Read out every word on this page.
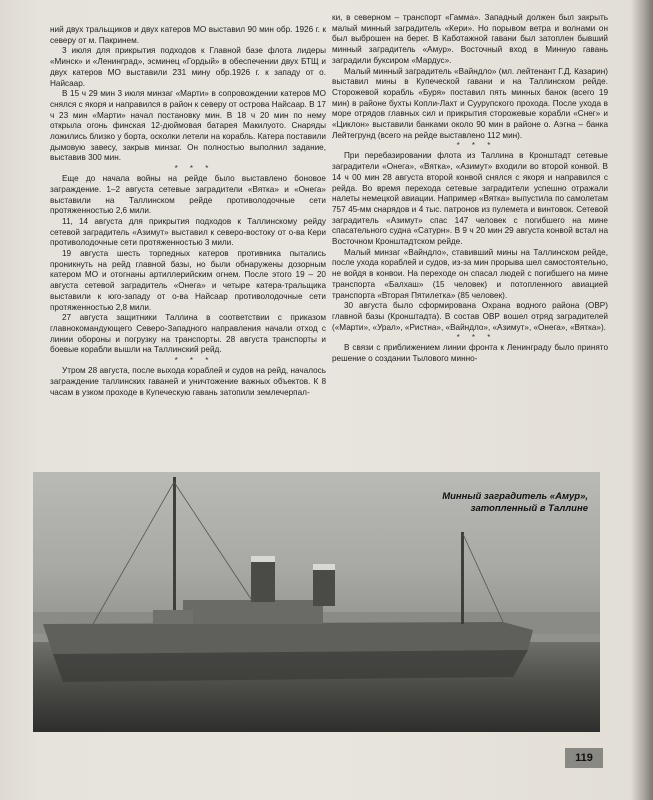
ний двух тральщиков и двух катеров МО выставил 90 мин обр. 1926 г. к северу от м. Пакринем.

3 июля для прикрытия подходов к Главной базе флота лидеры «Минск» и «Ленинград», эсминец «Гордый» в обеспечении двух БТЩ и двух катеров МО выставили 231 мину обр.1926 г. к западу от о. Найсаар.

В 15 ч 29 мин 3 июля минзаг «Марти» в сопровождении катеров МО снялся с якоря и направился в район к северу от острова Найсаар. В 17 ч 23 мин «Марти» начал постановку мин. В 18 ч 20 мин по нему открыла огонь финская 12-дюймовая батарея Макилуото. Снаряды ложились близко у борта, осколки летели на корабль. Катера поставили дымовую завесу, закрыв минзаг. Он полностью выполнил задание, выставив 300 мин.

* * *

Еще до начала войны на рейде было выставлено боновое заграждение. 1–2 августа сетевые заградители «Вятка» и «Онега» выставили на Таллинском рейде противолодочные сети протяженностью 2,6 мили.

11, 14 августа для прикрытия подходов к Таллинскому рейду сетевой заградитель «Азимут» выставил к северо-востоку от о-ва Кери противолодочные сети протяженностью 3 мили.

19 августа шесть торпедных катеров противника пытались проникнуть на рейд главной базы, но были обнаружены дозорным катером МО и отогнаны артиллерийским огнем. После этого 19 – 20 августа сетевой заградитель «Онега» и четыре катера-тральщика выставили к юго-западу от о-ва Найсаар противолодочные сети протяженностью 2,8 мили.

27 августа защитники Таллина в соответствии с приказом главнокомандующего Северо-Западного направления начали отход с линии обороны и погрузку на транспорты. 28 августа транспорты и боевые корабли вышли на Таллинский рейд.

* * *

Утром 28 августа, после выхода кораблей и судов на рейд, началось заграждение таллинских гаваней и уничтожение важных объектов. К 8 часам в узком проходе в Купеческую гавань затопили землечерпал-

ки, в северном – транспорт «Гамма». Западный должен был закрыть малый минный заградитель «Кери». Но порывом ветра и волнами он был выброшен на берег. В Каботажной гавани был затоплен бывший минный заградитель «Амур». Восточный вход в Минную гавань заградили буксиром «Мардус».

Малый минный заградитель «Вайндло» (мл. лейтенант Г.Д. Казарин) выставил мины в Купеческой гавани и на Таллинском рейде. Сторожевой корабль «Буря» поставил пять минных банок (всего 19 мин) в районе бухты Копли-Лахт и Суурупского прохода. После ухода в море отрядов главных сил и прикрытия сторожевые корабли «Снег» и «Циклон» выставили банками около 90 мин в районе о. Аэгна – банка Лейтегрунд (всего на рейде выставлено 112 мин).

* * *

При перебазировании флота из Таллина в Кронштадт сетевые заградители «Онега», «Вятка», «Азимут» входили во второй конвой. В 14 ч 00 мин 28 августа второй конвой снялся с якоря и направился с рейда. Во время перехода сетевые заградители успешно отражали налеты немецкой авиации. Например «Вятка» выпустила по самолетам 757 45-мм снарядов и 4 тыс. патронов из пулемета и винтовок. Сетевой заградитель «Азимут» спас 147 человек с погибшего на мине спасательного судна «Сатурн». В 9 ч 20 мин 29 августа конвой встал на Восточном Кронштадтском рейде.

Малый минзаг «Вайндло», ставивший мины на Таллинском рейде, после ухода кораблей и судов, из-за мин прорыва шел самостоятельно, не войдя в конвои. На переходе он спасал людей с погибшего на мине транспорта «Балхаш» (15 человек) и потопленного авиацией транспорта «Вторая Пятилетка» (85 человек).

30 августа было сформирована Охрана водного района (ОВР) главной базы (Кронштадта). В состав ОВР вошел отряд заградителей («Марти», «Урал», «Ристна», «Вайндло», «Азимут», «Онега», «Вятка»).

* * *

В связи с приближением линии фронта к Ленинграду было принято решение о создании Тылового минно-

Минный заградитель «Амур»,
затопленный в Таллине
119
